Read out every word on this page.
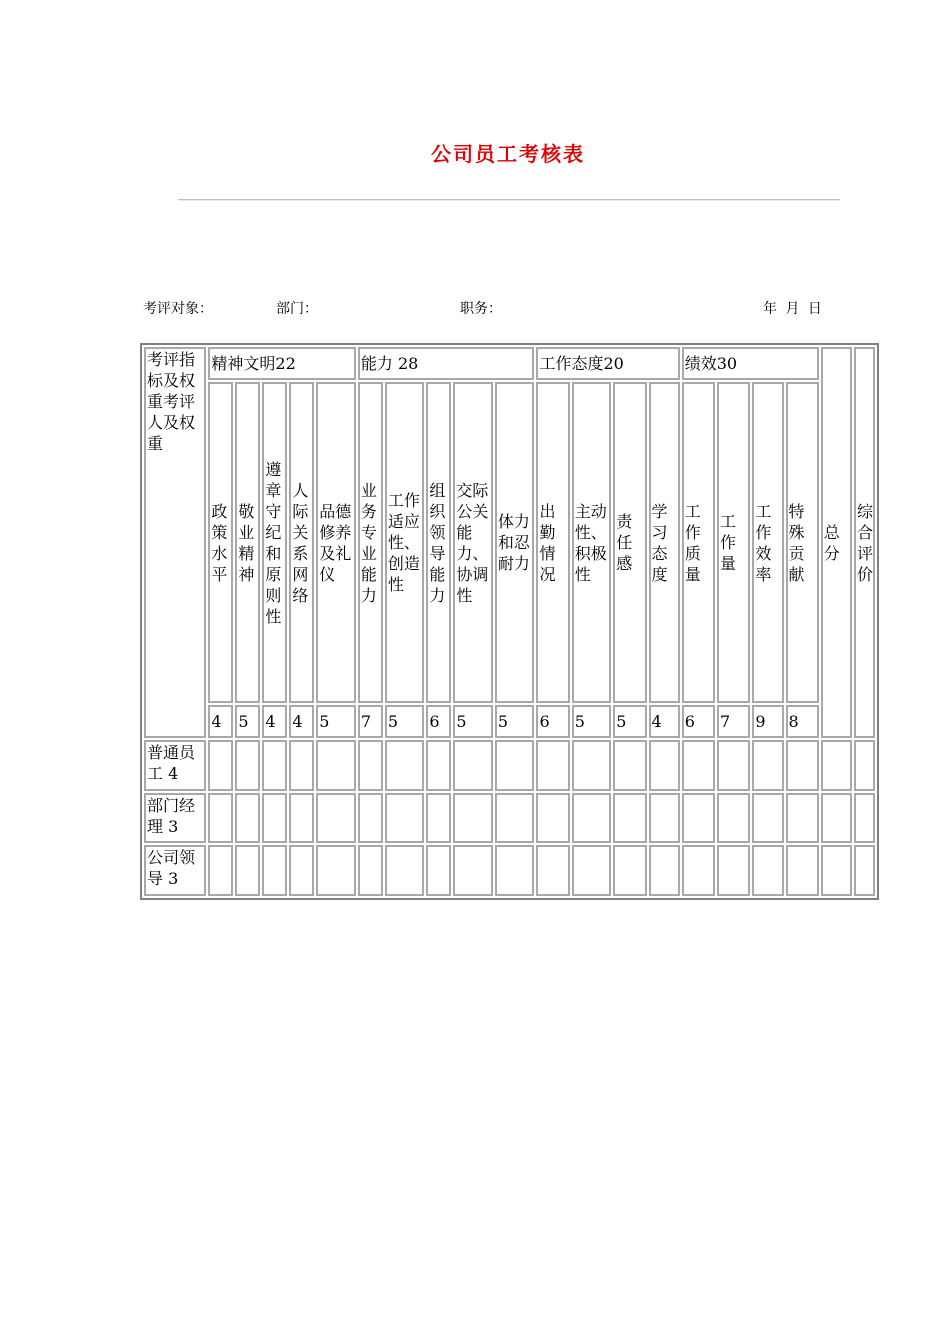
公司员工考核表
考评对象：	部门：	职务：	年 月 日
考评指标及权重考评人及权重	精神文明22					能力 28					工作态度20				绩效30				总分	综合评价

	政策水平	敬业精神	遵章守纪和原则性	人际关系网络	品德修养及礼仪	业务专业能力	工作适应性、创造性	组织领导能力	交际公关能力、协调性	体力和忍耐力	出勤情况	主动性、积极性	责任感	学习态度	工作质量	工作量	工作效率	特殊贡献		

	4	5	4	4	5	7	5	6	5	5	6	5	5	4	6	7	9	8		
普通员工 4																				
部门经理 3																				
公司领导 3																				
